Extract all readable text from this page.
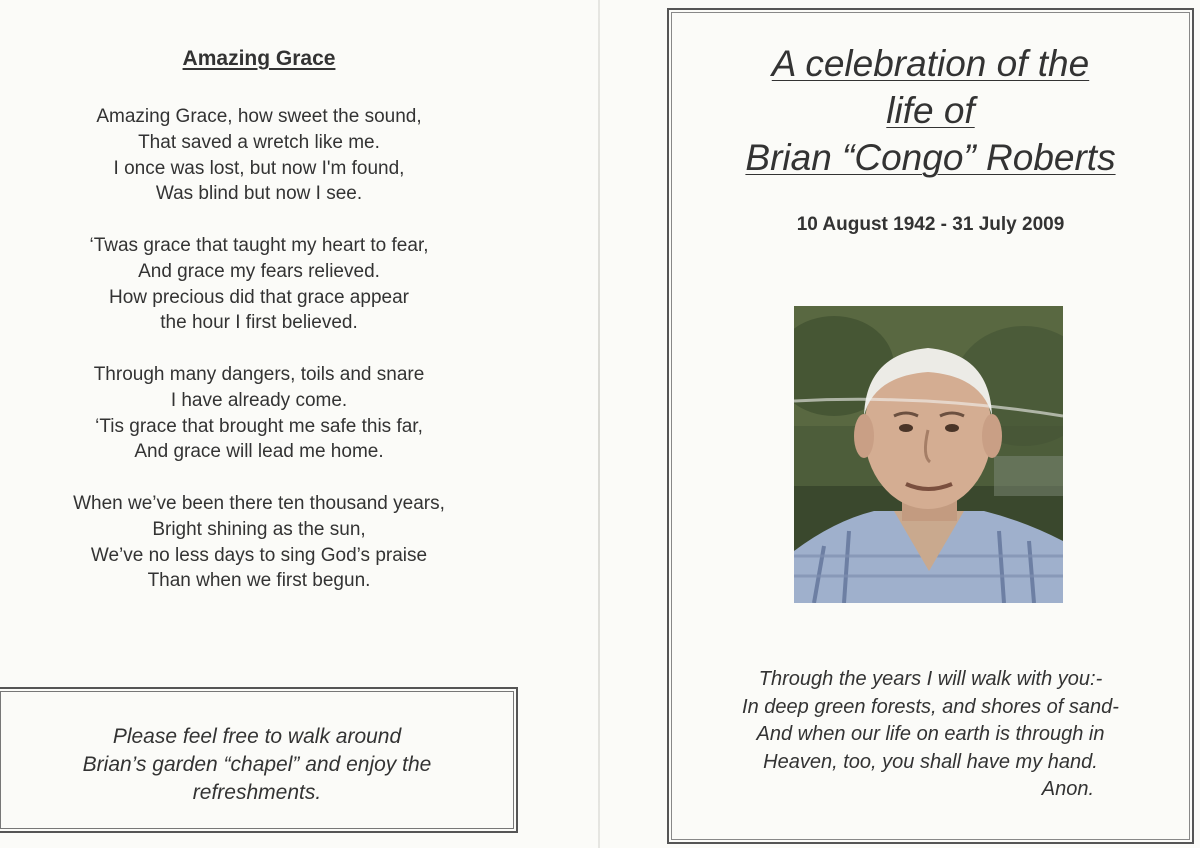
Amazing Grace
Amazing Grace, how sweet the sound,
That saved a wretch like me.
I once was lost, but now I'm found,
Was blind but now I see.
‘Twas grace that taught my heart to fear,
And grace my fears relieved.
How precious did that grace appear
the hour I first believed.
Through many dangers, toils and snare
I have already come.
‘Tis grace that brought me safe this far,
And grace will lead me home.
When we’ve been there ten thousand years,
Bright shining as the sun,
We’ve no less days to sing God’s praise
Than when we first begun.
Please feel free to walk around
Brian’s garden “chapel” and enjoy the
refreshments.
A celebration of the
life of
Brian “Congo” Roberts
10 August 1942 - 31 July 2009
Through the years I will walk with you:-
In deep green forests, and shores of sand-
And when our life on earth is through in
Heaven, too, you shall have my hand.
Anon.
